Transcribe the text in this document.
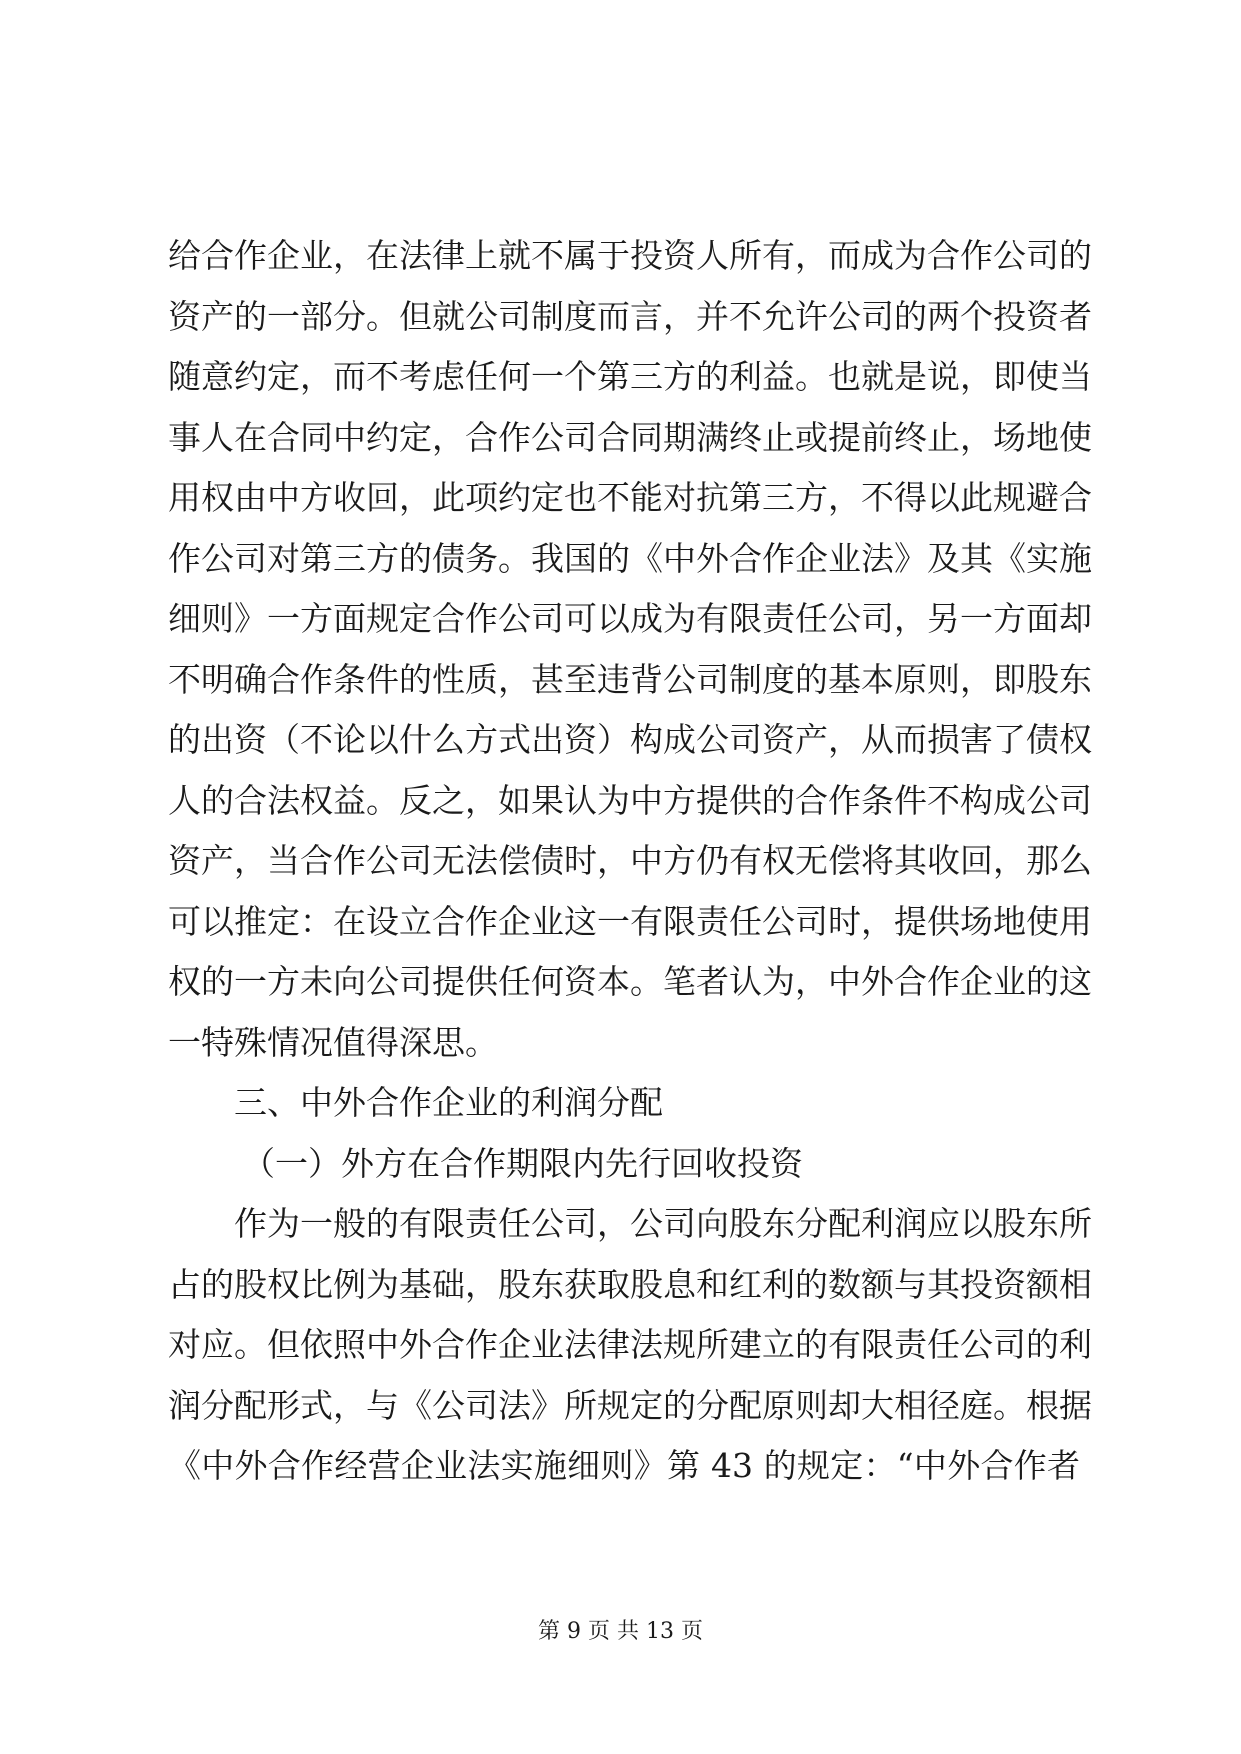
给合作企业，在法律上就不属于投资人所有，而成为合作公司的
资产的一部分。但就公司制度而言，并不允许公司的两个投资者
随意约定，而不考虑任何一个第三方的利益。也就是说，即使当
事人在合同中约定，合作公司合同期满终止或提前终止，场地使
用权由中方收回，此项约定也不能对抗第三方，不得以此规避合
作公司对第三方的债务。我国的《中外合作企业法》及其《实施
细则》一方面规定合作公司可以成为有限责任公司，另一方面却
不明确合作条件的性质，甚至违背公司制度的基本原则，即股东
的出资（不论以什么方式出资）构成公司资产，从而损害了债权
人的合法权益。反之，如果认为中方提供的合作条件不构成公司
资产，当合作公司无法偿债时，中方仍有权无偿将其收回，那么
可以推定：在设立合作企业这一有限责任公司时，提供场地使用
权的一方未向公司提供任何资本。笔者认为，中外合作企业的这
一特殊情况值得深思。
三、中外合作企业的利润分配
（一）外方在合作期限内先行回收投资
作为一般的有限责任公司，公司向股东分配利润应以股东所
占的股权比例为基础，股东获取股息和红利的数额与其投资额相
对应。但依照中外合作企业法律法规所建立的有限责任公司的利
润分配形式，与《公司法》所规定的分配原则却大相径庭。根据
《中外合作经营企业法实施细则》第 43 的规定：“中外合作者
第 9 页 共 13 页
